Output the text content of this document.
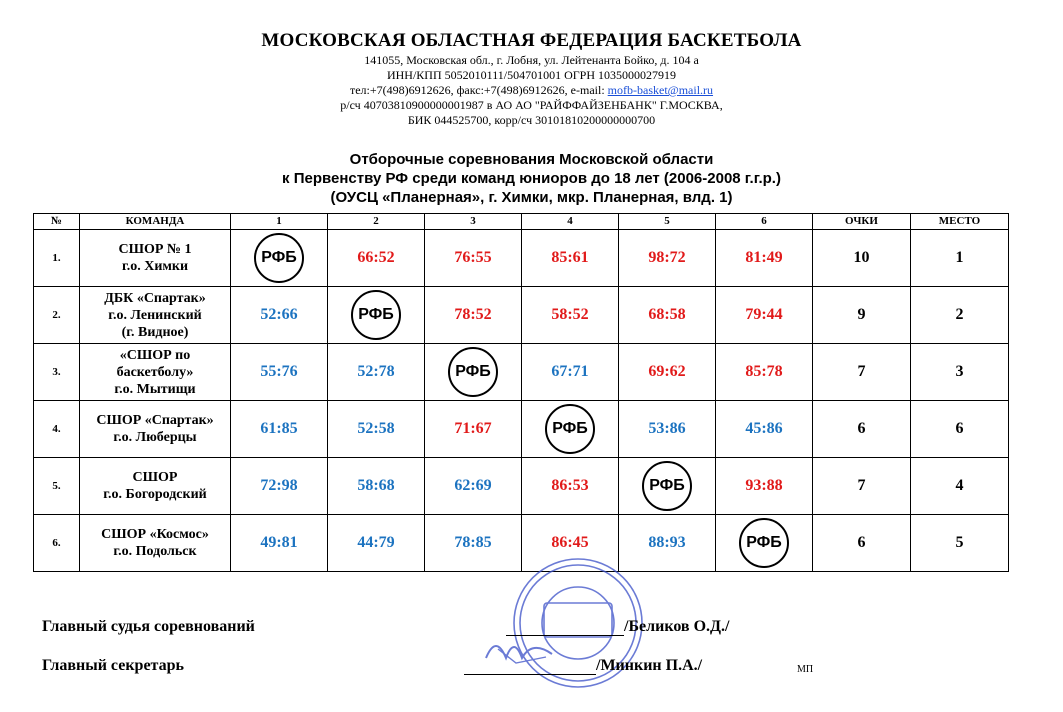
МОСКОВСКАЯ ОБЛАСТНАЯ ФЕДЕРАЦИЯ БАСКЕТБОЛА
141055, Московская обл., г. Лобня, ул. Лейтенанта Бойко, д. 104 а
ИНН/КПП 5052010111/504701001 ОГРН 1035000027919
тел:+7(498)6912626, факс:+7(498)6912626, e-mail: mofb-basket@mail.ru
р/сч 40703810900000001987 в АО АО "РАЙФФАЙЗЕНБАНК" Г.МОСКВА,
БИК 044525700, корр/сч 30101810200000000700
Отборочные соревнования Московской области
к Первенству РФ среди команд юниоров до 18 лет (2006-2008 г.г.р.)
(ОУСЦ «Планерная», г. Химки, мкр. Планерная, влд. 1)
№	КОМАНДА	1	2	3	4	5	6	ОЧКИ	МЕСТО
1.	СШОР № 1
г.о. Химки	РФБ	66:52	76:55	85:61	98:72	81:49	10	1
2.	ДБК «Спартак»
г.о. Ленинский
(г. Видное)	52:66	РФБ	78:52	58:52	68:58	79:44	9	2
3.	«СШОР по
баскетболу»
г.о. Мытищи	55:76	52:78	РФБ	67:71	69:62	85:78	7	3
4.	СШОР «Спартак»
г.о. Люберцы	61:85	52:58	71:67	РФБ	53:86	45:86	6	6
5.	СШОР
г.о. Богородский	72:98	58:68	62:69	86:53	РФБ	93:88	7	4
6.	СШОР «Космос»
г.о. Подольск	49:81	44:79	78:85	86:45	88:93	РФБ	6	5
Главный судья соревнований	/Беликов О.Д./
Главный секретарь	/Минкин П.А./	МП
